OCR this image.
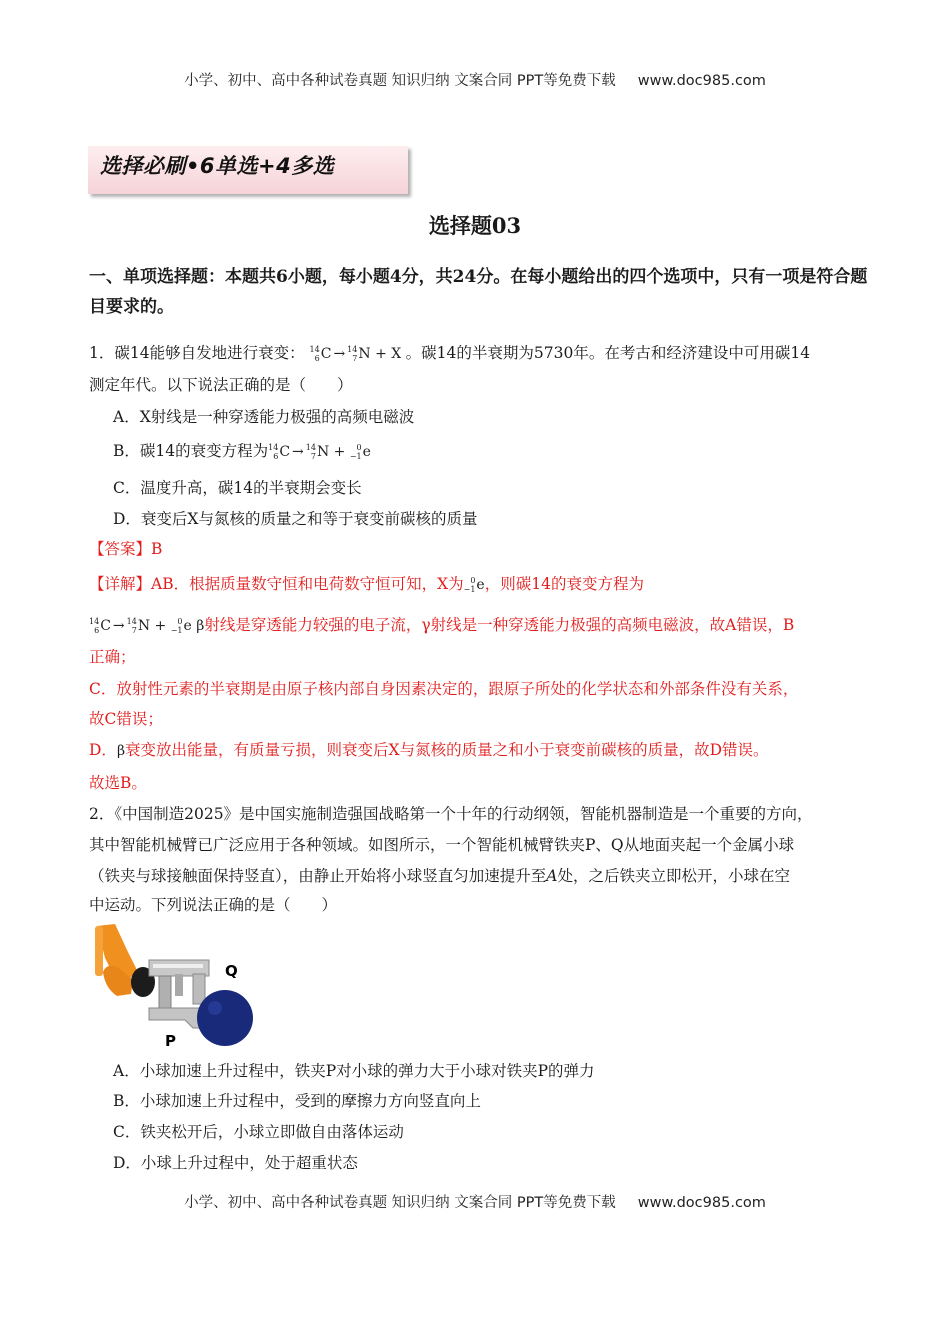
小学、初中、高中各种试卷真题 知识归纳 文案合同 PPT等免费下载 www.doc985.com
选择必刷•6单选+4多选
选择题03
一、单项选择题：本题共6小题，每小题4分，共24分。在每小题给出的四个选项中，只有一项是符合题目要求的。
1．碳14能够自发地进行衰变： 14
6 C → 14
7 N + X 。碳14的半衰期为5730年。在考古和经济建设中可用碳14
测定年代。以下说法正确的是（　　）
A．X射线是一种穿透能力极强的高频电磁波
B．碳14的衰变方程为 14
6 C → 14
7 N +	0
−1 e
C．温度升高，碳14的半衰期会变长
D．衰变后X与氮核的质量之和等于衰变前碳核的质量
【答案】B
【详解】AB．根据质量数守恒和电荷数守恒可知，X为 0
−1 e，则碳14的衰变方程为
14
6 C → 14
7 N +	0
−1 e β射线是穿透能力较强的电子流，γ射线是一种穿透能力极强的高频电磁波，故A错误，B
正确；
C．放射性元素的半衰期是由原子核内部自身因素决定的，跟原子所处的化学状态和外部条件没有关系，
故C错误；
D．β衰变放出能量，有质量亏损，则衰变后X与氮核的质量之和小于衰变前碳核的质量，故D错误。
故选B。
2．《中国制造2025》是中国实施制造强国战略第一个十年的行动纲领，智能机器制造是一个重要的方向，
其中智能机械臂已广泛应用于各种领域。如图所示，一个智能机械臂铁夹P、Q从地面夹起一个金属小球
（铁夹与球接触面保持竖直），由静止开始将小球竖直匀加速提升至A处，之后铁夹立即松开，小球在空
中运动。下列说法正确的是（　　）
Q
P
A．小球加速上升过程中，铁夹P对小球的弹力大于小球对铁夹P的弹力
B．小球加速上升过程中，受到的摩擦力方向竖直向上
C．铁夹松开后，小球立即做自由落体运动
D．小球上升过程中，处于超重状态
小学、初中、高中各种试卷真题 知识归纳 文案合同 PPT等免费下载 www.doc985.com
